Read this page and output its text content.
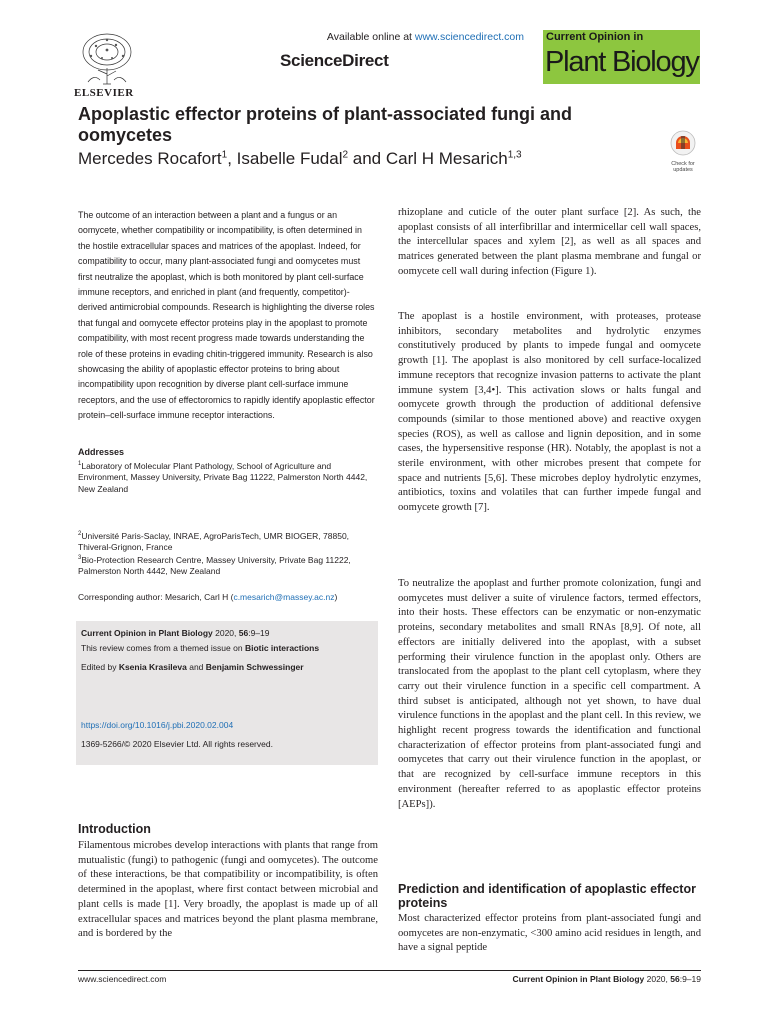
ELSEVIER
Available online at www.sciencedirect.com
ScienceDirect
Current Opinion in
Plant Biology
Apoplastic effector proteins of plant-associated fungi and oomycetes
Mercedes Rocafort$^1$, Isabelle Fudal$^2$ and Carl H Mesarich$^{1,3}$
Check for updates
The outcome of an interaction between a plant and a fungus or an oomycete, whether compatibility or incompatibility, is often determined in the hostile extracellular spaces and matrices of the apoplast. Indeed, for compatibility to occur, many plant-associated fungi and oomycetes must first neutralize the apoplast, which is both monitored by plant cell-surface immune receptors, and enriched in plant (and frequently, competitor)-derived antimicrobial compounds. Research is highlighting the diverse roles that fungal and oomycete effector proteins play in the apoplast to promote compatibility, with most recent progress made towards understanding the role of these proteins in evading chitin-triggered immunity. Research is also showcasing the ability of apoplastic effector proteins to bring about incompatibility upon recognition by diverse plant cell-surface immune receptors, and the use of effectoromics to rapidly identify apoplastic effector protein–cell-surface immune receptor interactions.
Addresses
$^1$Laboratory of Molecular Plant Pathology, School of Agriculture and Environment, Massey University, Private Bag 11222, Palmerston North 4442, New Zealand
$^2$Université Paris-Saclay, INRAE, AgroParisTech, UMR BIOGER, 78850, Thiveral-Grignon, France
$^3$Bio-Protection Research Centre, Massey University, Private Bag 11222, Palmerston North 4442, New Zealand
Corresponding author: Mesarich, Carl H (c.mesarich@massey.ac.nz)
Current Opinion in Plant Biology 2020, 56:9–19
This review comes from a themed issue on Biotic interactions
Edited by Ksenia Krasileva and Benjamin Schwessinger
https://doi.org/10.1016/j.pbi.2020.02.004
1369-5266/© 2020 Elsevier Ltd. All rights reserved.
Introduction
Filamentous microbes develop interactions with plants that range from mutualistic (fungi) to pathogenic (fungi and oomycetes). The outcome of these interactions, be that compatibility or incompatibility, is often determined in the apoplast, where first contact between microbial and plant cells is made [1]. Very broadly, the apoplast is made up of all extracellular spaces and matrices beyond the plant plasma membrane, and is bordered by the
rhizoplane and cuticle of the outer plant surface [2]. As such, the apoplast consists of all interfibrillar and intermicellar cell wall spaces, the intercellular spaces and xylem [2], as well as all spaces and matrices generated between the plant plasma membrane and fungal or oomycete cell wall during infection (Figure 1).
The apoplast is a hostile environment, with proteases, protease inhibitors, secondary metabolites and hydrolytic enzymes constitutively produced by plants to impede fungal and oomycete growth [1]. The apoplast is also monitored by cell surface-localized immune receptors that recognize invasion patterns to activate the plant immune system [3,4•]. This activation slows or halts fungal and oomycete growth through the production of additional defensive compounds (similar to those mentioned above) and reactive oxygen species (ROS), as well as callose and lignin deposition, and in some cases, the hypersensitive response (HR). Notably, the apoplast is not a sterile environment, with other microbes present that compete for space and nutrients [5,6]. These microbes deploy hydrolytic enzymes, antibiotics, toxins and volatiles that can further impede fungal and oomycete growth [7].
To neutralize the apoplast and further promote colonization, fungi and oomycetes must deliver a suite of virulence factors, termed effectors, into their hosts. These effectors can be enzymatic or non-enzymatic proteins, secondary metabolites and small RNAs [8,9]. Of note, all effectors are initially delivered into the apoplast, with a subset performing their virulence function in the apoplast only. Others are translocated from the apoplast to the plant cell cytoplasm, where they carry out their virulence function in a specific cell compartment. A third subset is anticipated, although not yet shown, to have dual virulence functions in the apoplast and the plant cell. In this review, we highlight recent progress towards the identification and functional characterization of effector proteins from plant-associated fungi and oomycetes that carry out their virulence function in the apoplast, or that are recognized by cell-surface immune receptors in this environment (hereafter referred to as apoplastic effector proteins [AEPs]).
Prediction and identification of apoplastic effector proteins
Most characterized effector proteins from plant-associated fungi and oomycetes are non-enzymatic, <300 amino acid residues in length, and have a signal peptide
www.sciencedirect.com	Current Opinion in Plant Biology 2020, 56:9–19
